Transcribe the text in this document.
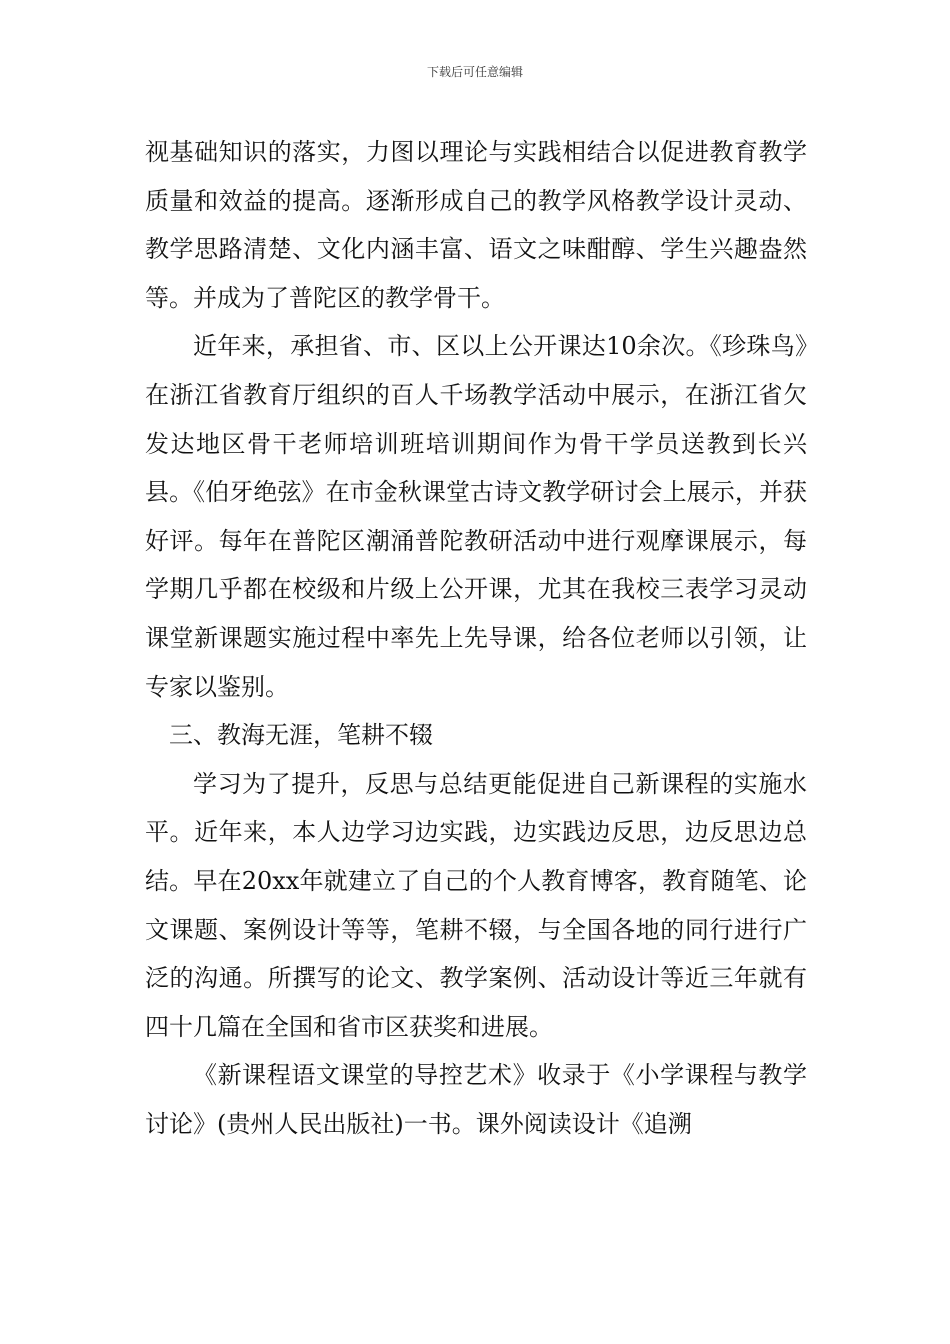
下载后可任意编辑

视基础知识的落实，力图以理论与实践相结合以促进教育教学质量和效益的提高。逐渐形成自己的教学风格教学设计灵动、教学思路清楚、文化内涵丰富、语文之味酣醇、学生兴趣盎然等。并成为了普陀区的教学骨干。

近年来，承担省、市、区以上公开课达10余次。《珍珠鸟》在浙江省教育厅组织的百人千场教学活动中展示，在浙江省欠发达地区骨干老师培训班培训期间作为骨干学员送教到长兴县。《伯牙绝弦》在市金秋课堂古诗文教学研讨会上展示，并获好评。每年在普陀区潮涌普陀教研活动中进行观摩课展示，每学期几乎都在校级和片级上公开课，尤其在我校三表学习灵动课堂新课题实施过程中率先上先导课，给各位老师以引领，让专家以鉴别。

三、教海无涯，笔耕不辍

学习为了提升，反思与总结更能促进自己新课程的实施水平。近年来，本人边学习边实践，边实践边反思，边反思边总结。早在20xx年就建立了自己的个人教育博客，教育随笔、论文课题、案例设计等等，笔耕不辍，与全国各地的同行进行广泛的沟通。所撰写的论文、教学案例、活动设计等近三年就有四十几篇在全国和省市区获奖和进展。

《新课程语文课堂的导控艺术》收录于《小学课程与教学讨论》(贵州人民出版社)一书。课外阅读设计《追溯
